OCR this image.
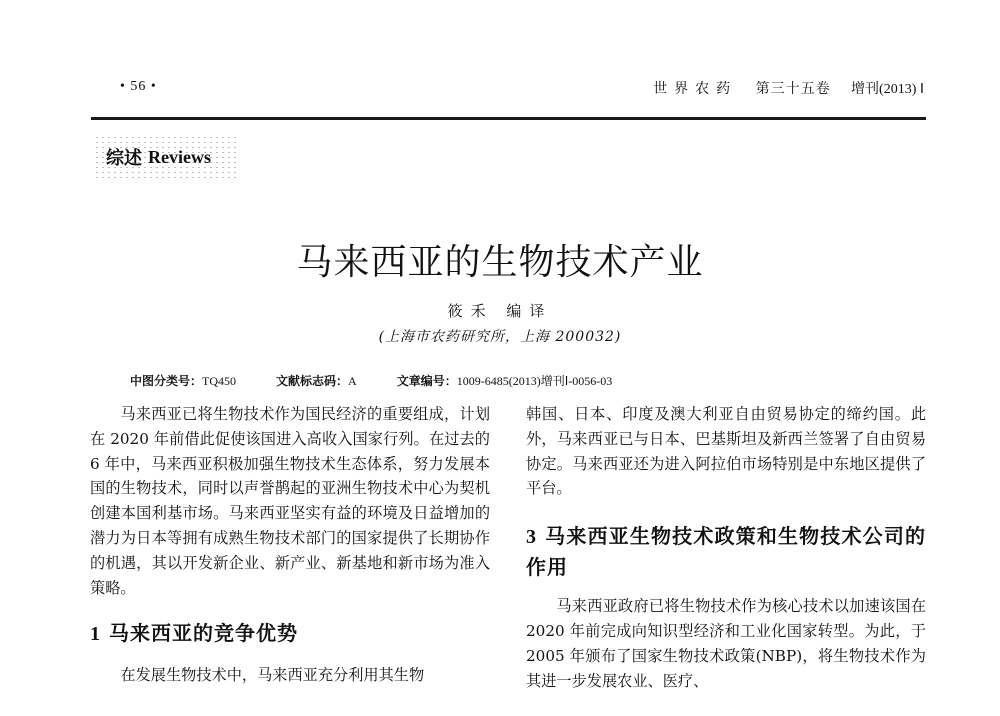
• 56 •	世界农药 第三十五卷 增刊(2013) Ⅰ
综述 Reviews
马来西亚的生物技术产业
筱禾 编译
(上海市农药研究所，上海 200032)
中图分类号：TQ450	文献标志码：A	文章编号：1009-6485(2013)增刊Ⅰ-0056-03

马来西亚已将生物技术作为国民经济的重要组成，计划在 2020 年前借此促使该国进入高收入国家行列。在过去的 6 年中，马来西亚积极加强生物技术生态体系，努力发展本国的生物技术，同时以声誉鹊起的亚洲生物技术中心为契机创建本国利基市场。马来西亚坚实有益的环境及日益增加的潜力为日本等拥有成熟生物技术部门的国家提供了长期协作的机遇，其以开发新企业、新产业、新基地和新市场为准入策略。

1 马来西亚的竞争优势

在发展生物技术中，马来西亚充分利用其生物

韩国、日本、印度及澳大利亚自由贸易协定的缔约国。此外，马来西亚已与日本、巴基斯坦及新西兰签署了自由贸易协定。马来西亚还为进入阿拉伯市场特别是中东地区提供了平台。

3 马来西亚生物技术政策和生物技术公司的作用

马来西亚政府已将生物技术作为核心技术以加速该国在 2020 年前完成向知识型经济和工业化国家转型。为此，于 2005 年颁布了国家生物技术政策(NBP)，将生物技术作为其进一步发展农业、医疗、
